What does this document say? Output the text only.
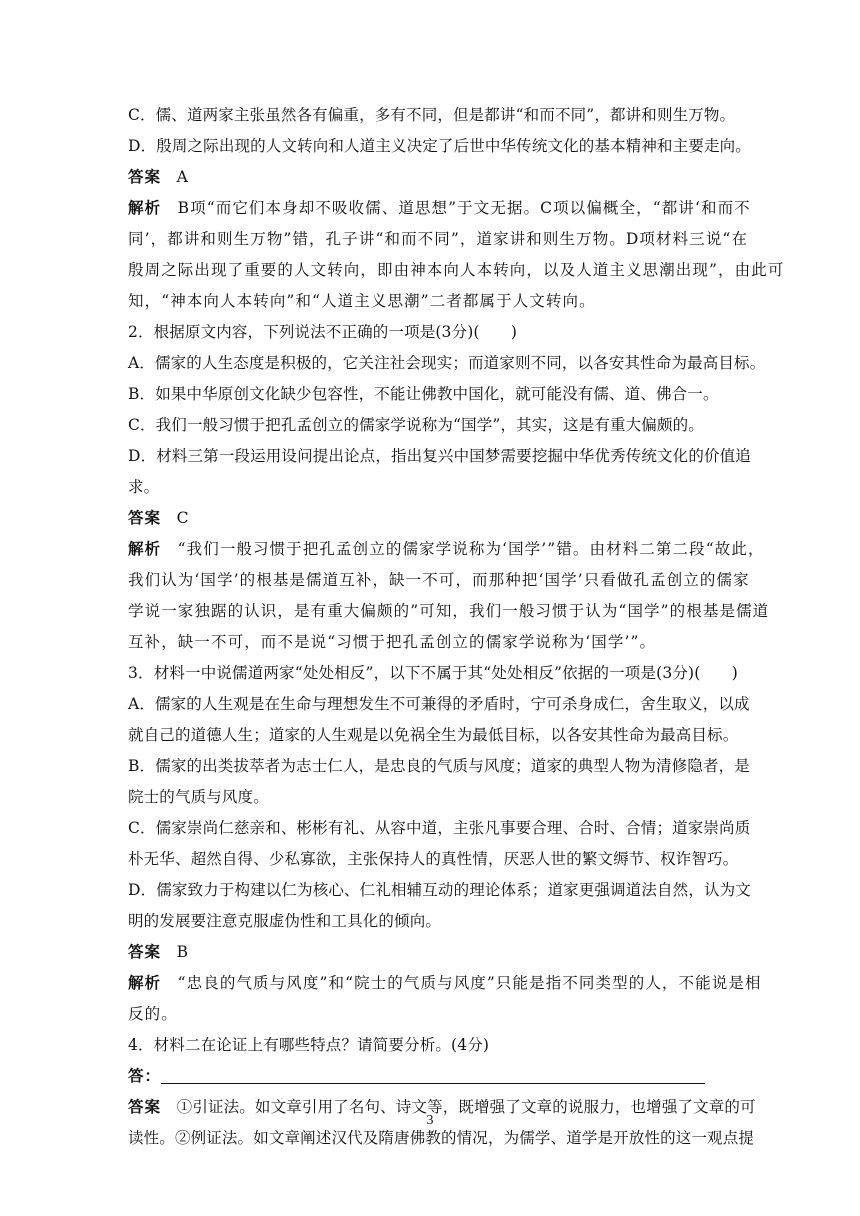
C．儒、道两家主张虽然各有偏重，多有不同，但是都讲“和而不同”，都讲和则生万物。
D．殷周之际出现的人文转向和人道主义决定了后世中华传统文化的基本精神和主要走向。
答案　A
解析　B项“而它们本身却不吸收儒、道思想”于文无据。C项以偏概全，“都讲‘和而不
同’，都讲和则生万物”错，孔子讲“和而不同”，道家讲和则生万物。D项材料三说“在
殷周之际出现了重要的人文转向，即由神本向人本转向，以及人道主义思潮出现”，由此可
知，“神本向人本转向”和“人道主义思潮”二者都属于人文转向。
2．根据原文内容，下列说法不正确的一项是(3分)(　　)
A．儒家的人生态度是积极的，它关注社会现实；而道家则不同，以各安其性命为最高目标。
B．如果中华原创文化缺少包容性，不能让佛教中国化，就可能没有儒、道、佛合一。
C．我们一般习惯于把孔孟创立的儒家学说称为“国学”，其实，这是有重大偏颇的。
D．材料三第一段运用设问提出论点，指出复兴中国梦需要挖掘中华优秀传统文化的价值追
求。
答案　C
解析　“我们一般习惯于把孔孟创立的儒家学说称为‘国学’”错。由材料二第二段“故此，
我们认为‘国学’的根基是儒道互补，缺一不可，而那种把‘国学’只看做孔孟创立的儒家
学说一家独踞的认识，是有重大偏颇的”可知，我们一般习惯于认为“国学”的根基是儒道
互补，缺一不可，而不是说“习惯于把孔孟创立的儒家学说称为‘国学’”。
3．材料一中说儒道两家“处处相反”，以下不属于其“处处相反”依据的一项是(3分)(　　)
A．儒家的人生观是在生命与理想发生不可兼得的矛盾时，宁可杀身成仁，舍生取义，以成
就自己的道德人生；道家的人生观是以免祸全生为最低目标，以各安其性命为最高目标。
B．儒家的出类拔萃者为志士仁人，是忠良的气质与风度；道家的典型人物为清修隐者，是
院士的气质与风度。
C．儒家崇尚仁慈亲和、彬彬有礼、从容中道，主张凡事要合理、合时、合情；道家崇尚质
朴无华、超然自得、少私寡欲，主张保持人的真性情，厌恶人世的繁文缛节、权诈智巧。
D．儒家致力于构建以仁为核心、仁礼相辅互动的理论体系；道家更强调道法自然，认为文
明的发展要注意克服虚伪性和工具化的倾向。
答案　B
解析　“忠良的气质与风度”和“院士的气质与风度”只能是指不同类型的人，不能说是相
反的。
4．材料二在论证上有哪些特点？请简要分析。(4分)
答：
答案　①引证法。如文章引用了名句、诗文等，既增强了文章的说服力，也增强了文章的可
读性。②例证法。如文章阐述汉代及隋唐佛教的情况，为儒学、道学是开放性的这一观点提
3
